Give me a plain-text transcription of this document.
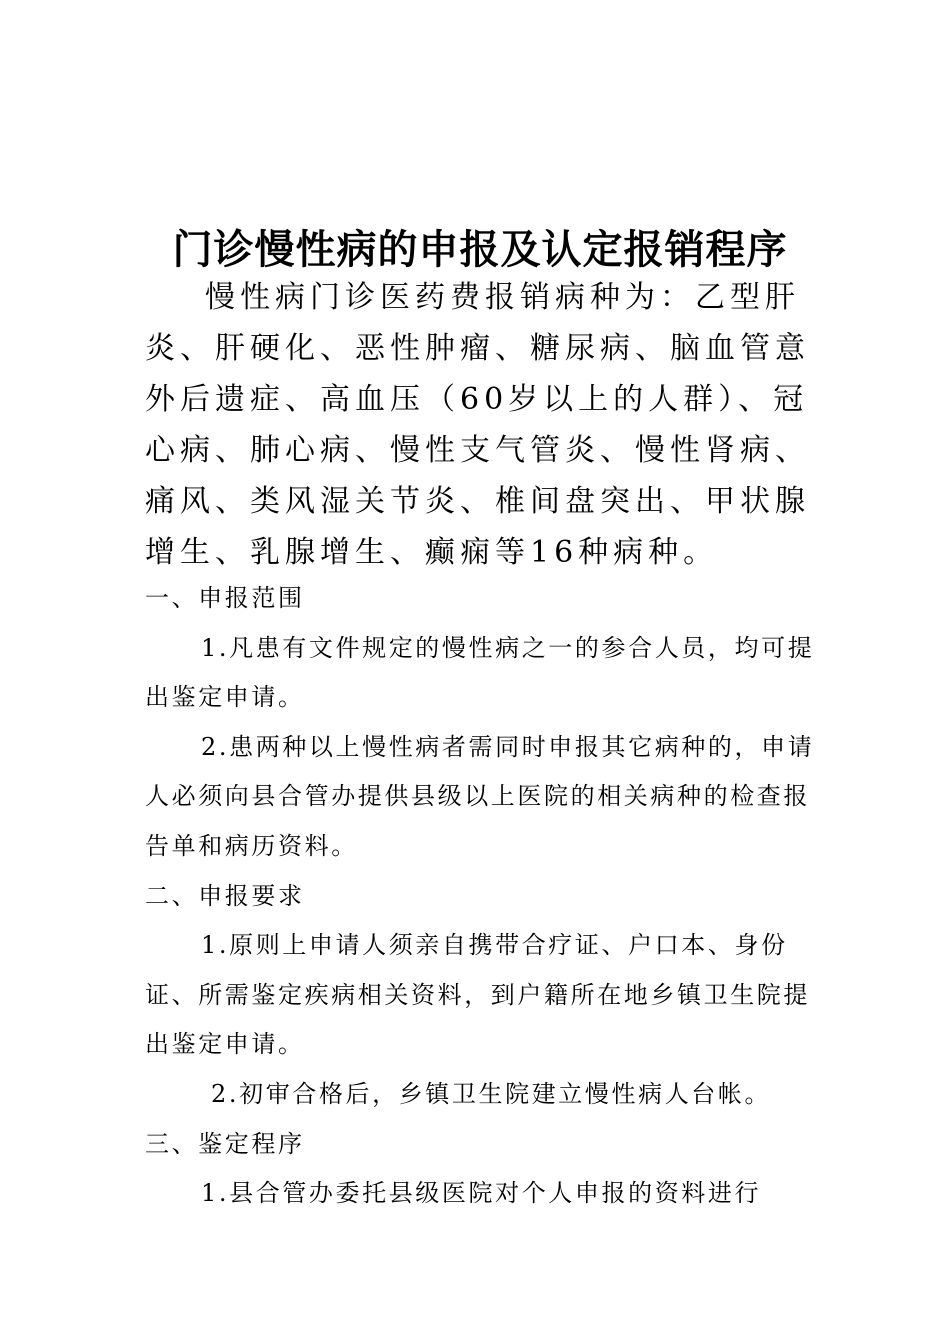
门诊慢性病的申报及认定报销程序

慢性病门诊医药费报销病种为：乙型肝炎、肝硬化、恶性肿瘤、糖尿病、脑血管意外后遗症、高血压（60岁以上的人群）、冠心病、肺心病、慢性支气管炎、慢性肾病、痛风、类风湿关节炎、椎间盘突出、甲状腺增生、乳腺增生、癫痫等16种病种。

一、申报范围

1.凡患有文件规定的慢性病之一的参合人员，均可提出鉴定申请。

2.患两种以上慢性病者需同时申报其它病种的，申请人必须向县合管办提供县级以上医院的相关病种的检查报告单和病历资料。

二、申报要求

1.原则上申请人须亲自携带合疗证、户口本、身份证、所需鉴定疾病相关资料，到户籍所在地乡镇卫生院提出鉴定申请。

2.初审合格后，乡镇卫生院建立慢性病人台帐。

三、鉴定程序

1.县合管办委托县级医院对个人申报的资料进行
